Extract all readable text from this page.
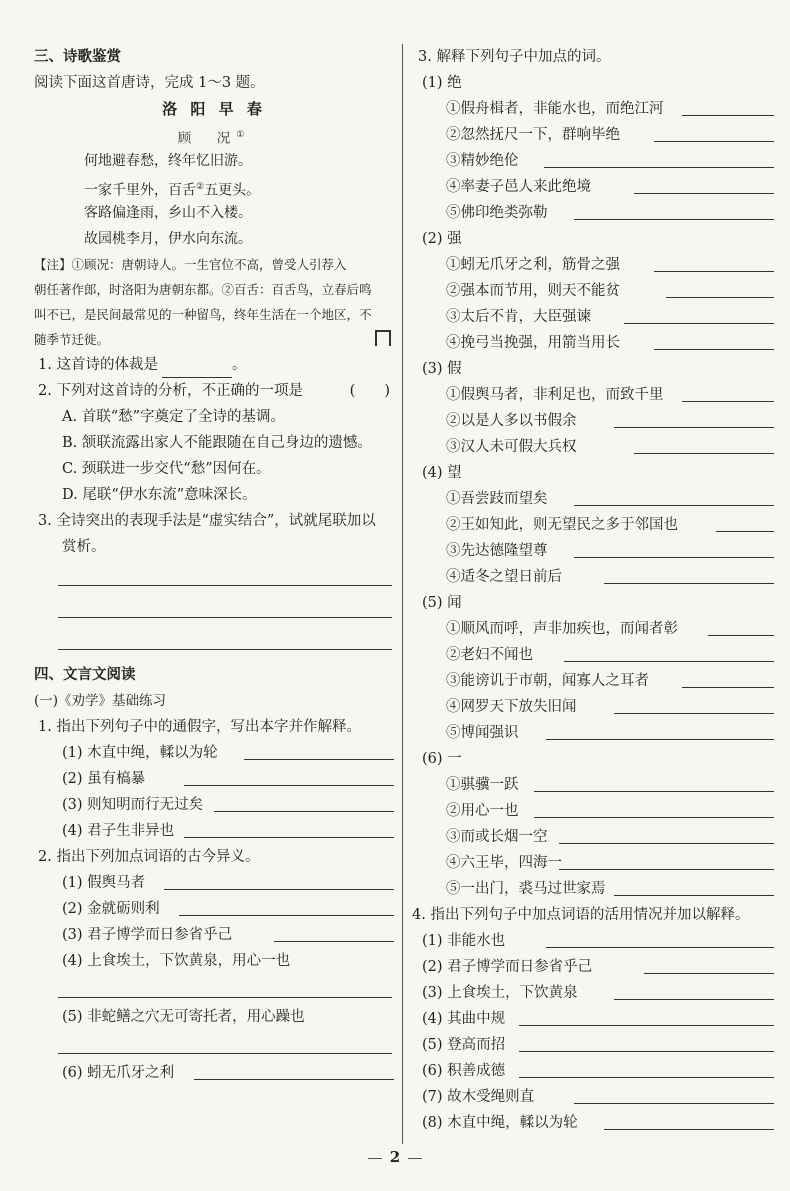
三、诗歌鉴赏
阅读下面这首唐诗，完成 1～3 题。
洛 阳 早 春
顾　况①
何地避春愁，终年忆旧游。
一家千里外，百舌②五更头。
客路偏逢雨，乡山不入楼。
故园桃李月，伊水向东流。
【注】①顾况：唐朝诗人。一生官位不高，曾受人引荐入
朝任著作郎，时洛阳为唐朝东都。②百舌：百舌鸟，立春后鸣
叫不已，是民间最常见的一种留鸟，终年生活在一个地区，不
随季节迁徙。
1. 这首诗的体裁是	。
2. 下列对这首诗的分析，不正确的一项是	(　　)
A. 首联“愁”字奠定了全诗的基调。
B. 颔联流露出家人不能跟随在自己身边的遗憾。
C. 颈联进一步交代“愁”因何在。
D. 尾联“伊水东流”意味深长。
3. 全诗突出的表现手法是“虚实结合”，试就尾联加以
赏析。
四、文言文阅读
(一)《劝学》基础练习
1. 指出下列句子中的通假字，写出本字并作解释。
(1) 木直中绳，輮以为轮
(2) 虽有槁暴
(3) 则知明而行无过矣
(4) 君子生非异也
2. 指出下列加点词语的古今异义。
(1) 假舆马者
(2) 金就砺则利
(3) 君子博学而日参省乎己
(4) 上食埃土，下饮黄泉，用心一也
(5) 非蛇鳝之穴无可寄托者，用心躁也
(6) 蚓无爪牙之利
3. 解释下列句子中加点的词。
(1) 绝
①假舟楫者，非能水也，而绝江河
②忽然抚尺一下，群响毕绝
③精妙绝伦
④率妻子邑人来此绝境
⑤佛印绝类弥勒
(2) 强
①蚓无爪牙之利，筋骨之强
②强本而节用，则天不能贫
③太后不肯，大臣强谏
④挽弓当挽强，用箭当用长
(3) 假
①假舆马者，非利足也，而致千里
②以是人多以书假余
③汉人未可假大兵权
(4) 望
①吾尝跂而望矣
②王如知此，则无望民之多于邻国也
③先达德隆望尊
④适冬之望日前后
(5) 闻
①顺风而呼，声非加疾也，而闻者彰
②老妇不闻也
③能谤讥于市朝，闻寡人之耳者
④网罗天下放失旧闻
⑤博闻强识
(6) 一
①骐骥一跃
②用心一也
③而或长烟一空
④六王毕，四海一
⑤一出门，裘马过世家焉
4. 指出下列句子中加点词语的活用情况并加以解释。
(1) 非能水也
(2) 君子博学而日参省乎己
(3) 上食埃土，下饮黄泉
(4) 其曲中规
(5) 登高而招
(6) 积善成德
(7) 故木受绳则直
(8) 木直中绳，輮以为轮
2
